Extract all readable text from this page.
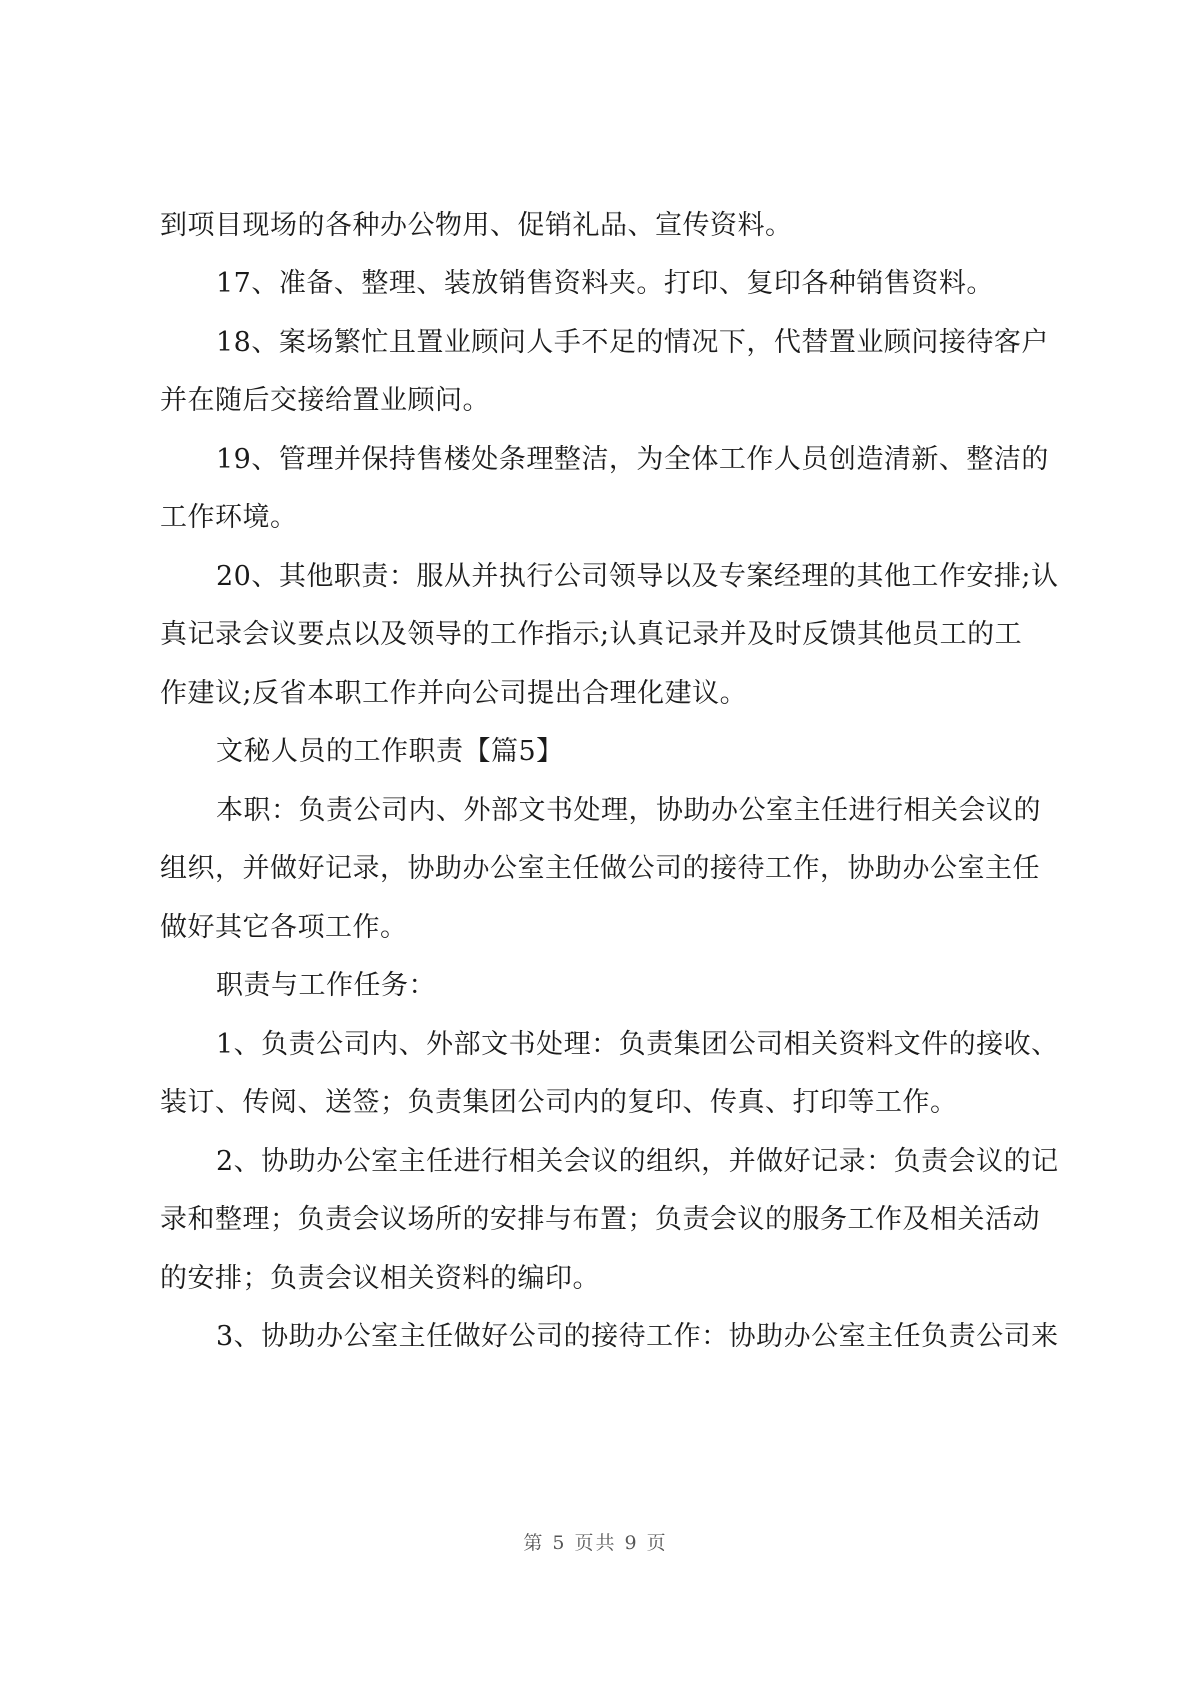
到项目现场的各种办公物用、促销礼品、宣传资料。
17、准备、整理、装放销售资料夹。打印、复印各种销售资料。
18、案场繁忙且置业顾问人手不足的情况下，代替置业顾问接待客户
并在随后交接给置业顾问。
19、管理并保持售楼处条理整洁，为全体工作人员创造清新、整洁的
工作环境。
20、其他职责：服从并执行公司领导以及专案经理的其他工作安排;认
真记录会议要点以及领导的工作指示;认真记录并及时反馈其他员工的工
作建议;反省本职工作并向公司提出合理化建议。
文秘人员的工作职责【篇5】
本职：负责公司内、外部文书处理，协助办公室主任进行相关会议的
组织，并做好记录，协助办公室主任做公司的接待工作，协助办公室主任
做好其它各项工作。
职责与工作任务：
1、负责公司内、外部文书处理：负责集团公司相关资料文件的接收、
装订、传阅、送签；负责集团公司内的复印、传真、打印等工作。
2、协助办公室主任进行相关会议的组织，并做好记录：负责会议的记
录和整理；负责会议场所的安排与布置；负责会议的服务工作及相关活动
的安排；负责会议相关资料的编印。
3、协助办公室主任做好公司的接待工作：协助办公室主任负责公司来
第 5 页共 9 页
